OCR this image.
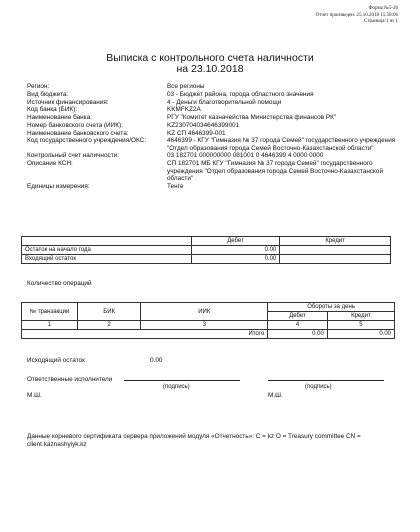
Форма №5-20
Отчет произведен: 25.10.2018 15:58:06
Страница:1 из 1
Выписка с контрольного счета наличности
на 23.10.2018
Регион:	Все регионы
Вид бюджета:	03 - Бюджет района, города областного значения
Источник финансирования:	4 - Деньги благотворительной помощи
Код банка (БИК):	KKMFKZ2A
Наименование банка:	РГУ "Комитет казначейства Министерства финансов РК"
Номер банковского счета (ИИК):	KZ230704034646399001
Наименование банковского счета:	KZ СП 4646399-001
Код государственного учреждения/ОКС:	4646399 - КГУ "Гимназия № 37 города Семей" государственного учреждения "Отдел образования города Семей Восточно-Казахстанской области"
Контрольный счет наличности:	03 182701 000000000 081001 0 4646399 4 0000 0000
Описание КСН:	СП 182701 МБ КГУ "Гимназия № 37 города Семей" государственного учреждения "Отдел образования города Семей Восточно-Казахстанской области"
Единицы измерения:	Тенге
	Дебет	Кредит
Остаток на начало года	0.00	
Входящий остаток	0.00	
Количество операций
№ транзакции	БИК	ИИК	Обороты за день	
			Дебет	Кредит
1	2	3	4	5
Итого			0.00	0.00
Исходящий остаток	0.00
Ответственные исполнители
(подпись)	(подпись)
М.Ш.	М.Ш.
Данные корневого сертификата сервера приложений модуля «Отчетность»: C = kz O = Treasury committee CN = client.kaznashyiyk.kz
